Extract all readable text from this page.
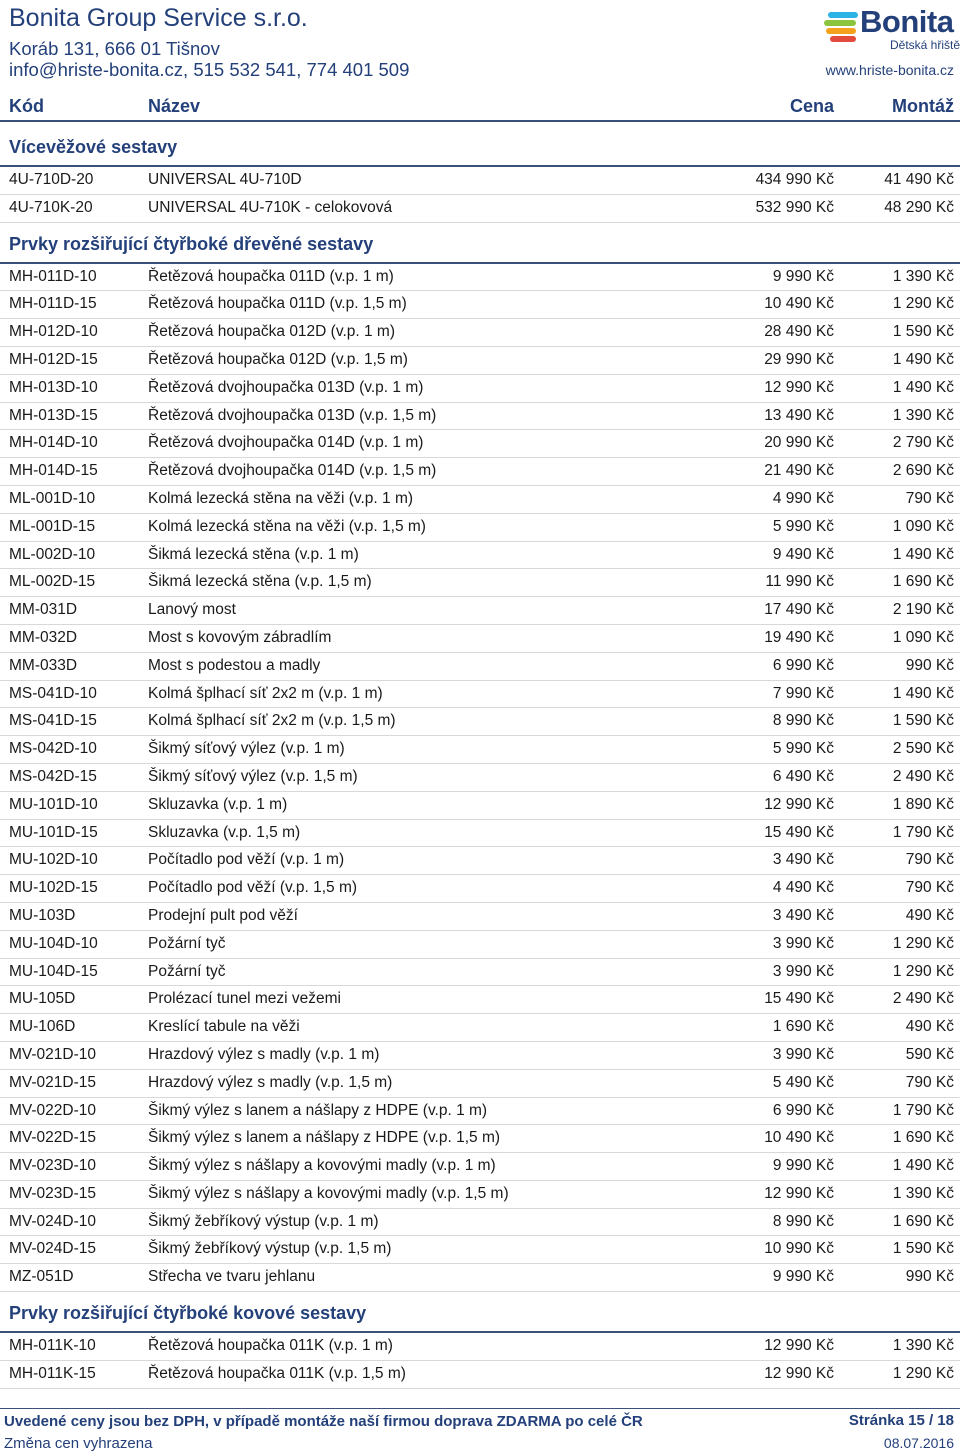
Bonita Group Service s.r.o.
Koráb 131, 666 01 Tišnov
info@hriste-bonita.cz, 515 532 541, 774 401 509
Bonita
Dětská hřiště
www.hriste-bonita.cz
Kód	Název	Cena	Montáž
Vícevěžové sestavy
4U-710D-20	UNIVERSAL 4U-710D	434 990 Kč	41 490 Kč
4U-710K-20	UNIVERSAL 4U-710K - celokovová	532 990 Kč	48 290 Kč
Prvky rozšiřující čtyřboké dřevěné sestavy
MH-011D-10	Řetězová houpačka 011D (v.p. 1 m)	9 990 Kč	1 390 Kč
MH-011D-15	Řetězová houpačka 011D (v.p. 1,5 m)	10 490 Kč	1 290 Kč
MH-012D-10	Řetězová houpačka 012D (v.p. 1 m)	28 490 Kč	1 590 Kč
MH-012D-15	Řetězová houpačka 012D (v.p. 1,5 m)	29 990 Kč	1 490 Kč
MH-013D-10	Řetězová dvojhoupačka 013D (v.p. 1 m)	12 990 Kč	1 490 Kč
MH-013D-15	Řetězová dvojhoupačka 013D (v.p. 1,5 m)	13 490 Kč	1 390 Kč
MH-014D-10	Řetězová dvojhoupačka 014D (v.p. 1 m)	20 990 Kč	2 790 Kč
MH-014D-15	Řetězová dvojhoupačka 014D (v.p. 1,5 m)	21 490 Kč	2 690 Kč
ML-001D-10	Kolmá lezecká stěna na věži (v.p. 1 m)	4 990 Kč	790 Kč
ML-001D-15	Kolmá lezecká stěna na věži (v.p. 1,5 m)	5 990 Kč	1 090 Kč
ML-002D-10	Šikmá lezecká stěna (v.p. 1 m)	9 490 Kč	1 490 Kč
ML-002D-15	Šikmá lezecká stěna (v.p. 1,5 m)	11 990 Kč	1 690 Kč
MM-031D	Lanový most	17 490 Kč	2 190 Kč
MM-032D	Most s kovovým zábradlím	19 490 Kč	1 090 Kč
MM-033D	Most s podestou a madly	6 990 Kč	990 Kč
MS-041D-10	Kolmá šplhací síť 2x2 m (v.p. 1 m)	7 990 Kč	1 490 Kč
MS-041D-15	Kolmá šplhací síť 2x2 m (v.p. 1,5 m)	8 990 Kč	1 590 Kč
MS-042D-10	Šikmý síťový výlez (v.p. 1 m)	5 990 Kč	2 590 Kč
MS-042D-15	Šikmý síťový výlez (v.p. 1,5 m)	6 490 Kč	2 490 Kč
MU-101D-10	Skluzavka (v.p. 1 m)	12 990 Kč	1 890 Kč
MU-101D-15	Skluzavka (v.p. 1,5 m)	15 490 Kč	1 790 Kč
MU-102D-10	Počítadlo pod věží (v.p. 1 m)	3 490 Kč	790 Kč
MU-102D-15	Počítadlo pod věží (v.p. 1,5 m)	4 490 Kč	790 Kč
MU-103D	Prodejní pult pod věží	3 490 Kč	490 Kč
MU-104D-10	Požární tyč	3 990 Kč	1 290 Kč
MU-104D-15	Požární tyč	3 990 Kč	1 290 Kč
MU-105D	Prolézací tunel mezi vežemi	15 490 Kč	2 490 Kč
MU-106D	Kreslící tabule na věži	1 690 Kč	490 Kč
MV-021D-10	Hrazdový výlez s madly (v.p. 1 m)	3 990 Kč	590 Kč
MV-021D-15	Hrazdový výlez s madly (v.p. 1,5 m)	5 490 Kč	790 Kč
MV-022D-10	Šikmý výlez s lanem a nášlapy z HDPE (v.p. 1 m)	6 990 Kč	1 790 Kč
MV-022D-15	Šikmý výlez s lanem a nášlapy z HDPE (v.p. 1,5 m)	10 490 Kč	1 690 Kč
MV-023D-10	Šikmý výlez s nášlapy a kovovými madly (v.p. 1 m)	9 990 Kč	1 490 Kč
MV-023D-15	Šikmý výlez s nášlapy a kovovými madly (v.p. 1,5 m)	12 990 Kč	1 390 Kč
MV-024D-10	Šikmý žebříkový výstup (v.p. 1 m)	8 990 Kč	1 690 Kč
MV-024D-15	Šikmý žebříkový výstup (v.p. 1,5 m)	10 990 Kč	1 590 Kč
MZ-051D	Střecha ve tvaru jehlanu	9 990 Kč	990 Kč
Prvky rozšiřující čtyřboké kovové sestavy
MH-011K-10	Řetězová houpačka 011K (v.p. 1 m)	12 990 Kč	1 390 Kč
MH-011K-15	Řetězová houpačka 011K (v.p. 1,5 m)	12 990 Kč	1 290 Kč
Uvedené ceny jsou bez DPH, v případě montáže naší firmou doprava ZDARMA po celé ČR
Změna cen vyhrazena
Stránka 15 / 18
08.07.2016
